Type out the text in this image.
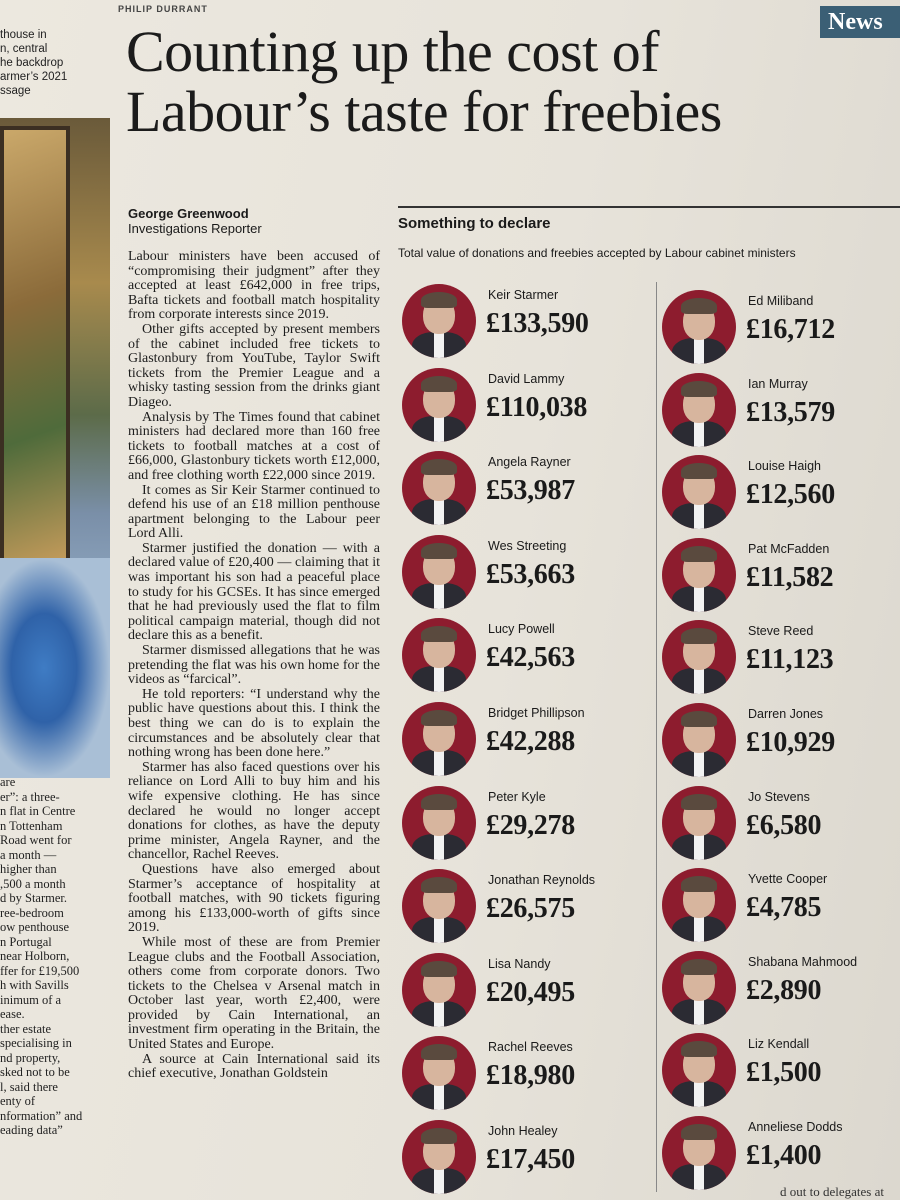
thouse in
n, central
he backdrop
armer’s 2021
ssage
are
er”: a three-
n flat in Centre
n Tottenham
Road went for
a month —
higher than
,500 a month
d by Starmer.
ree-bedroom
ow penthouse
n Portugal
near Holborn,
ffer for £19,500
h with Savills
inimum of a
ease.
ther estate
specialising in
nd property,
sked not to be
l, said there
enty of
nformation” and
eading data”
PHILIP DURRANT	News
Counting up the cost of
Labour’s taste for freebies
George Greenwood
Investigations Reporter

Labour ministers have been accused of “compromising their judgment” after they accepted at least £642,000 in free trips, Bafta tickets and football match hospitality from corporate interests since 2019.

Other gifts accepted by present members of the cabinet included free tickets to Glastonbury from YouTube, Taylor Swift tickets from the Premier League and a whisky tasting session from the drinks giant Diageo.

Analysis by The Times found that cabinet ministers had declared more than 160 free tickets to football matches at a cost of £66,000, Glastonbury tickets worth £12,000, and free clothing worth £22,000 since 2019.

It comes as Sir Keir Starmer continued to defend his use of an £18 million penthouse apartment belonging to the Labour peer Lord Alli.

Starmer justified the donation — with a declared value of £20,400 — claiming that it was important his son had a peaceful place to study for his GCSEs. It has since emerged that he had previously used the flat to film political campaign material, though did not declare this as a benefit.

Starmer dismissed allegations that he was pretending the flat was his own home for the videos as “farcical”.

He told reporters: “I understand why the public have questions about this. I think the best thing we can do is to explain the circumstances and be absolutely clear that nothing wrong has been done here.”

Starmer has also faced questions over his reliance on Lord Alli to buy him and his wife expensive clothing. He has since declared he would no longer accept donations for clothes, as have the deputy prime minister, Angela Rayner, and the chancellor, Rachel Reeves.

Questions have also emerged about Starmer’s acceptance of hospitality at football matches, with 90 tickets figuring among his £133,000-worth of gifts since 2019.

While most of these are from Premier League clubs and the Football Association, others come from corporate donors. Two tickets to the Chelsea v Arsenal match in October last year, worth £2,400, were provided by Cain International, an investment firm operating in the Britain, the United States and Europe.

A source at Cain International said its chief executive, Jonathan Goldstein

Something to declare
Total value of donations and freebies accepted by Labour cabinet ministers
Keir Starmer
£133,590
David Lammy
£110,038
Angela Rayner
£53,987
Wes Streeting
£53,663
Lucy Powell
£42,563
Bridget Phillipson
£42,288
Peter Kyle
£29,278
Jonathan Reynolds
£26,575
Lisa Nandy
£20,495
Rachel Reeves
£18,980
John Healey
£17,450
Ed Miliband
£16,712
Ian Murray
£13,579
Louise Haigh
£12,560
Pat McFadden
£11,582
Steve Reed
£11,123
Darren Jones
£10,929
Jo Stevens
£6,580
Yvette Cooper
£4,785
Shabana Mahmood
£2,890
Liz Kendall
£1,500
Anneliese Dodds
£1,400
d out to delegates at
